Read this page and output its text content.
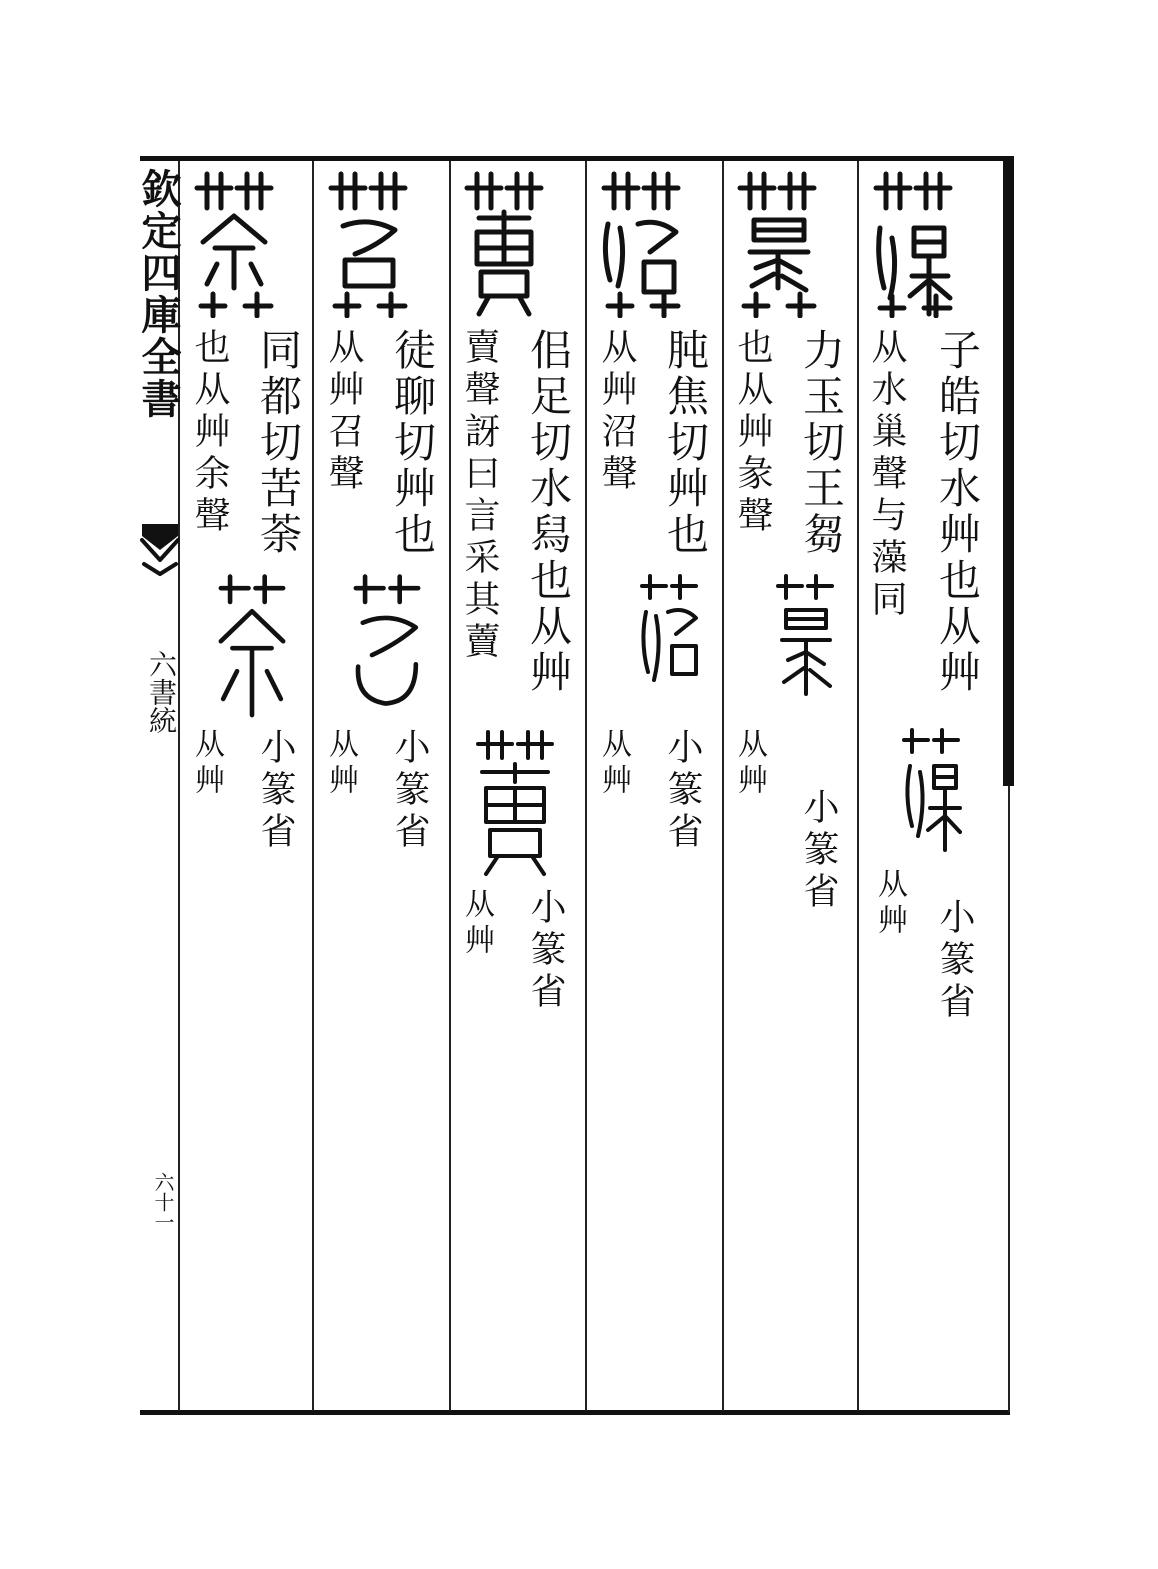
欽定四庫全書
六書統
六十一
子皓切水艸也从艸
从水巢聲与藻同
小篆省
从艸
力玉切王芻
也从艸彖聲
小篆省
从艸
肫焦切艸也
从艸沼聲
小篆省
从艸
佀足切水舄也从艸
賣聲訝曰言采其藚
小篆省
从艸
徒聊切艸也
从艸召聲
小篆省
从艸
同都切苦荼
也从艸余聲
小篆省
从艸
